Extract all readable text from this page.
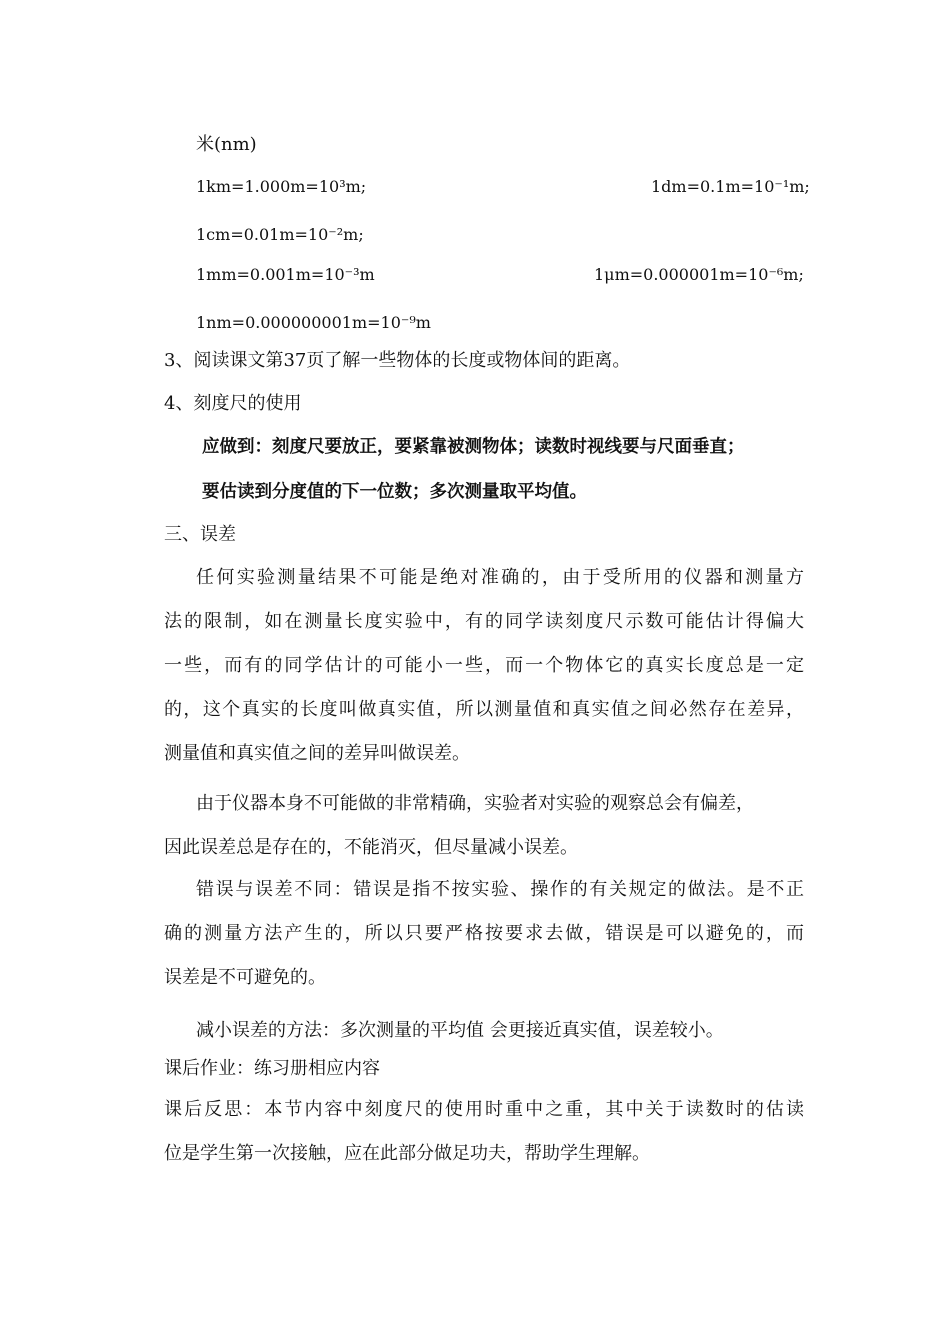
米(nm)
1km=1.000m=10³m;	1dm=0.1m=10⁻¹m;
1cm=0.01m=10⁻²m;
1mm=0.001m=10⁻³m	1μm=0.000001m=10⁻⁶m;
1nm=0.000000001m=10⁻⁹m
3、阅读课文第37页了解一些物体的长度或物体间的距离。
4、刻度尺的使用
应做到：刻度尺要放正，要紧靠被测物体；读数时视线要与尺面垂直；
要估读到分度值的下一位数；多次测量取平均值。
三、误差
任何实验测量结果不可能是绝对准确的，由于受所用的仪器和测量方
法的限制，如在测量长度实验中，有的同学读刻度尺示数可能估计得偏大
一些，而有的同学估计的可能小一些，而一个物体它的真实长度总是一定
的，这个真实的长度叫做真实值，所以测量值和真实值之间必然存在差异，
测量值和真实值之间的差异叫做误差。
由于仪器本身不可能做的非常精确，实验者对实验的观察总会有偏差，
因此误差总是存在的，不能消灭，但尽量减小误差。
错误与误差不同：错误是指不按实验、操作的有关规定的做法。是不正
确的测量方法产生的，所以只要严格按要求去做，错误是可以避免的，而
误差是不可避免的。
减小误差的方法：多次测量的平均值 会更接近真实值，误差较小。
课后作业：练习册相应内容
课后反思：本节内容中刻度尺的使用时重中之重，其中关于读数时的估读
位是学生第一次接触，应在此部分做足功夫，帮助学生理解。
